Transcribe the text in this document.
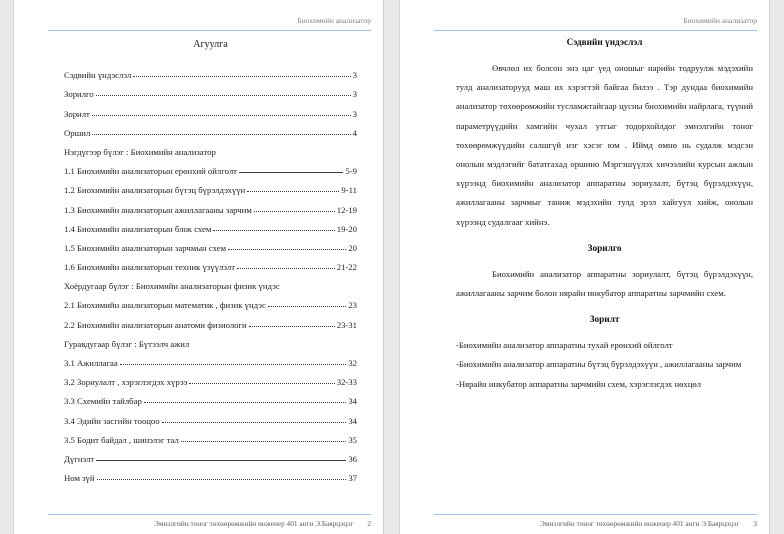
Биохимийн анализатор
Агуулга
Сэдвийн үндэслэл	3
Зорилго	3
Зорилт	3
Оршил	4
Нэгдүгээр бүлэг : Биохимийн анализатор
1.1 Биохимийн анализаторын ерөнхий ойлголт	5-9
1.2 Биохимийн анализаторын бүтэц бүрэлдэхүүн	9-11
1.3 Биохимийн анализаторын ажиллагааны зарчим	12-19
1.4 Биохимийн анализаторын блок схем	19-20
1.5 Биохимийн анализаторын зарчмын схем	20
1.6 Биохимийн анализаторын техник үзүүлэлт	21-22
Хоёрдугаар бүлэг : Биохимийн анализаторын физик үндэс
2.1 Биохимийн анализаторын математик , физик үндэс	23
2.2 Биохимийн анализаторын анатоми физиологи	23-31
Гуравдугаар бүлэг : Бүтээлч ажил
3.1 Ажиллагаа	32
3.2 Зориулалт , хэрэглэгдэх хүрээ	32-33
3.3 Схемийн тайлбар	34
3.4 Эдийн засгийн тооцоо	34
3.5 Бодит байдал , шинэлэг тал	35
Дүгнэлт	36
Ном зүй	37
Эмнэлгийн тоног төхөөрөмжийн инженер 401 анги Э.Баярцэцэг 2
Биохимийн анализатор
Сэдвийн үндэслэл

Өвчлөл их болсон энэ цаг үед оношыг нарийн тодруулж мэдэхийн тулд анализаторууд маш их хэрэгтэй байгаа билээ . Тэр дундаа биохимийн анализатор төхөөрөмжийн тусламжтайгаар цусны биохимийн найрлага, түүний параметрүүдийн хамгийн чухал утгыг тодорхойлдог эмнэлгийн тоног төхөөрөмжүүдийн салшгүй нэг хэсэг юм . Иймд өмнө нь судалж мэдсэн онолын мэдлэгийг бататгахад оршино Мэргэшүүлэх хичээлийн курсын ажлын хүрээнд биохимийн анализатор аппаратны зориулалт, бүтэц бүрэлдэхүүн, ажиллагааны зарчмыг таниж мэдэхийн тулд эрэл хайгуул хийж, онолын хүрээнд судалгааг хийнэ.

Зорилго

Биохимийн анализатор аппаратны зориулалт, бүтэц бүрэлдэхүүн, ажиллагааны зарчим болон нярайн инкубатор аппаратны зарчмийн схем.

Зорилт

-Биохимийн анализатор аппаратны тухай ерөнхий ойлголт

-Биохимийн анализатор аппаратны бүтэц бүрэлдэхүүн , ажиллагааны зарчим

-Нярайн инкубатор аппаратны зарчмийн схем, хэрэглэгдэх нөхцөл

Эмнэлгийн тоног төхөөрөмжийн инженер 401 анги Э.Баярцэцэг 3
